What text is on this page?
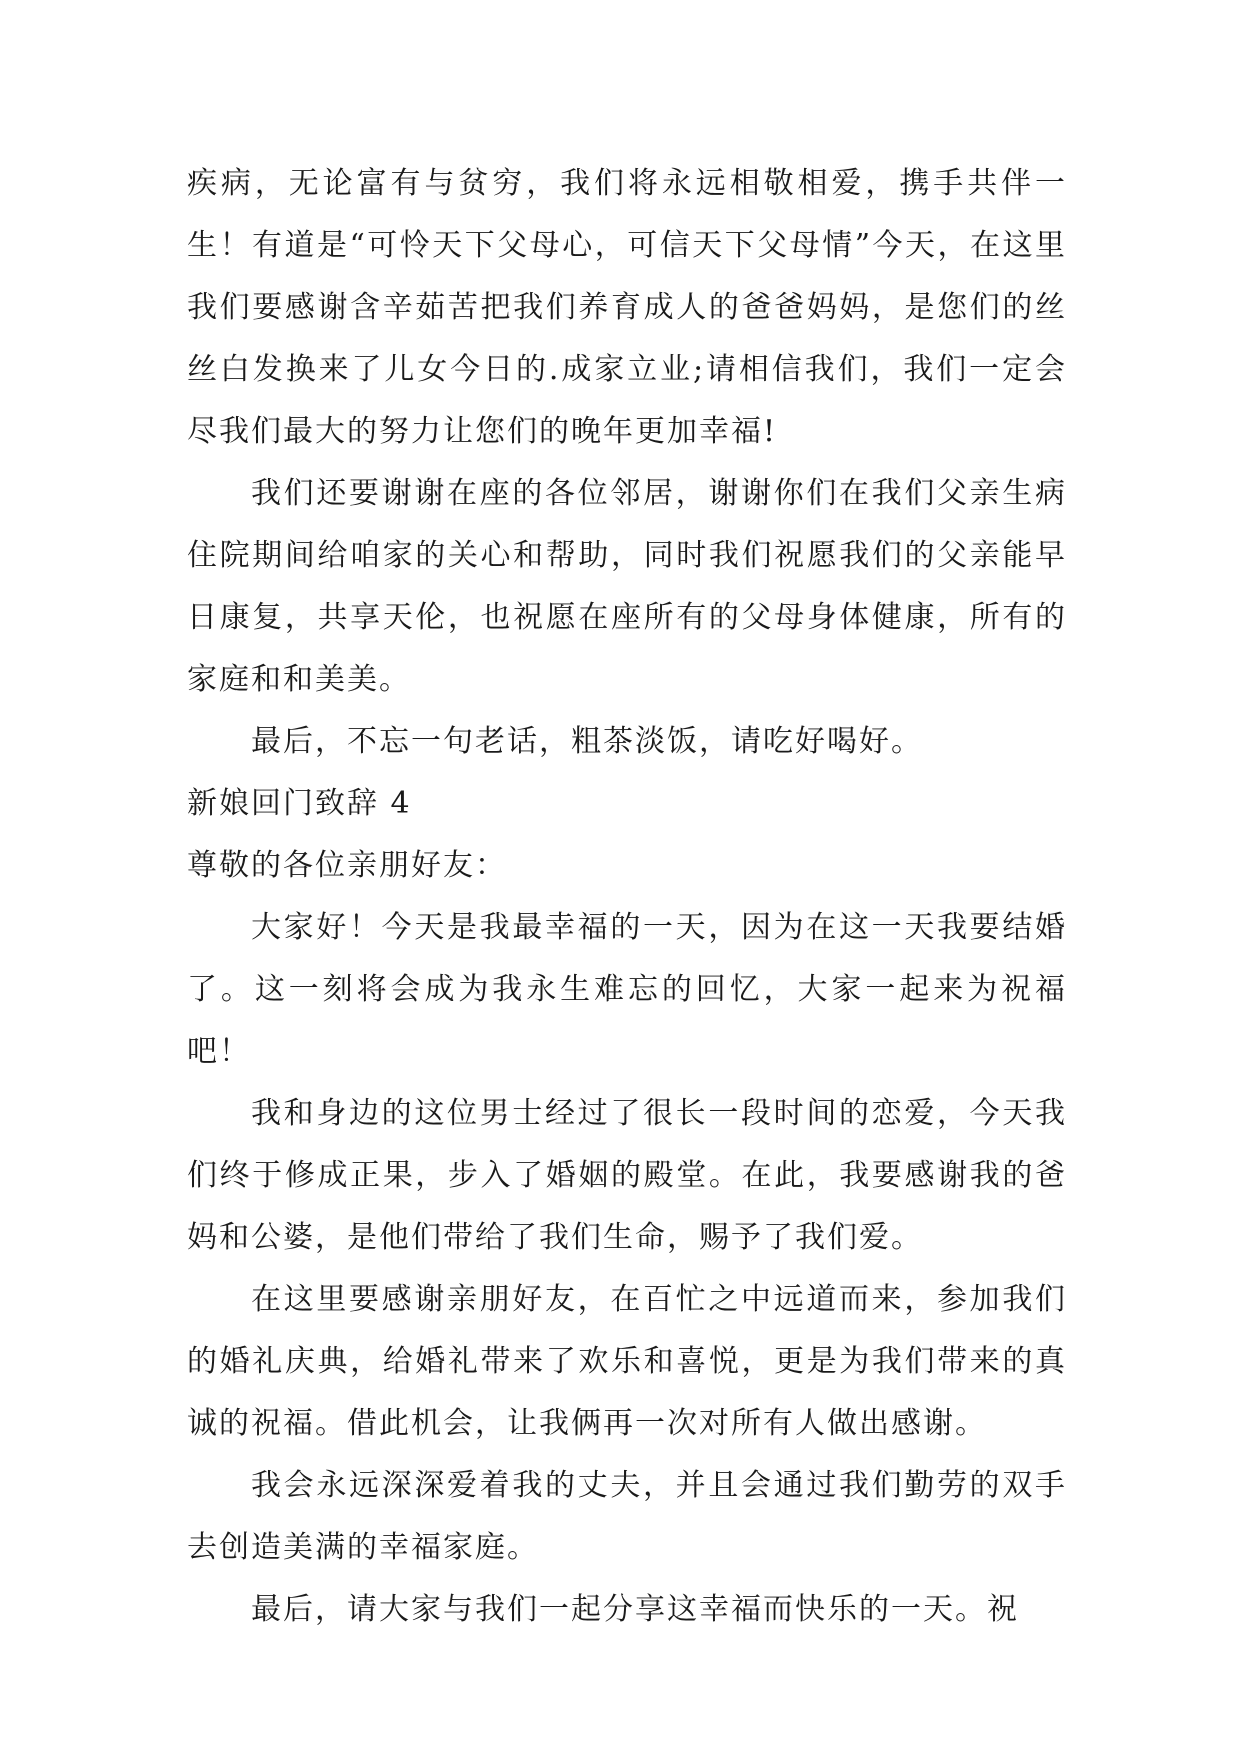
疾病，无论富有与贫穷，我们将永远相敬相爱，携手共伴一生！有道是“可怜天下父母心，可信天下父母情”今天，在这里我们要感谢含辛茹苦把我们养育成人的爸爸妈妈，是您们的丝丝白发换来了儿女今日的.成家立业;请相信我们，我们一定会尽我们最大的努力让您们的晚年更加幸福!

我们还要谢谢在座的各位邻居，谢谢你们在我们父亲生病住院期间给咱家的关心和帮助，同时我们祝愿我们的父亲能早日康复，共享天伦，也祝愿在座所有的父母身体健康，所有的家庭和和美美。

最后，不忘一句老话，粗茶淡饭，请吃好喝好。

新娘回门致辞 4

尊敬的各位亲朋好友：

大家好！今天是我最幸福的一天，因为在这一天我要结婚了。这一刻将会成为我永生难忘的回忆，大家一起来为祝福吧！

我和身边的这位男士经过了很长一段时间的恋爱，今天我们终于修成正果，步入了婚姻的殿堂。在此，我要感谢我的爸妈和公婆，是他们带给了我们生命，赐予了我们爱。

在这里要感谢亲朋好友，在百忙之中远道而来，参加我们的婚礼庆典，给婚礼带来了欢乐和喜悦，更是为我们带来的真诚的祝福。借此机会，让我俩再一次对所有人做出感谢。

我会永远深深爱着我的丈夫，并且会通过我们勤劳的双手去创造美满的幸福家庭。

最后，请大家与我们一起分享这幸福而快乐的一天。祝
